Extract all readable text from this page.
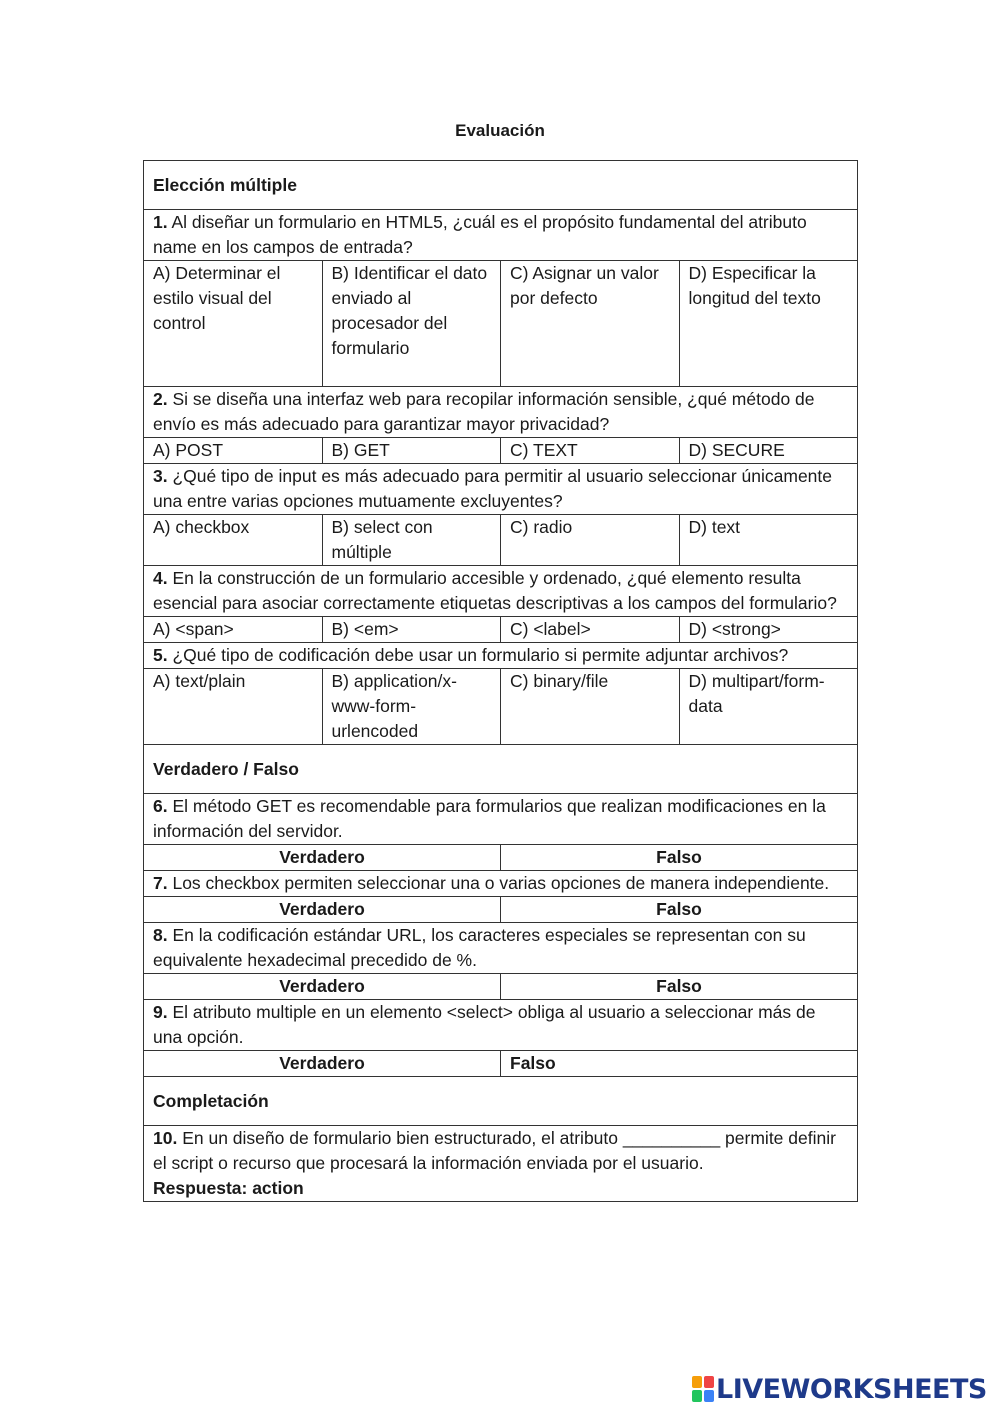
Evaluación
Elección múltiple			
1. Al diseñar un formulario en HTML5, ¿cuál es el propósito fundamental del atributo name en los campos de entrada?			
A) Determinar el estilo visual del control	B) Identificar el dato enviado al procesador del formulario	C) Asignar un valor por defecto	D) Especificar la longitud del texto
2. Si se diseña una interfaz web para recopilar información sensible, ¿qué método de envío es más adecuado para garantizar mayor privacidad?			
A) POST	B) GET	C) TEXT	D) SECURE
3. ¿Qué tipo de input es más adecuado para permitir al usuario seleccionar únicamente una entre varias opciones mutuamente excluyentes?			
A) checkbox	B) select con múltiple	C) radio	D) text
4. En la construcción de un formulario accesible y ordenado, ¿qué elemento resulta esencial para asociar correctamente etiquetas descriptivas a los campos del formulario?			
A) <span>	B) <em>	C) <label>	D) <strong>
5. ¿Qué tipo de codificación debe usar un formulario si permite adjuntar archivos?			
A) text/plain	B) application/x-www-form-urlencoded	C) binary/file	D) multipart/form-data
Verdadero / Falso			
6. El método GET es recomendable para formularios que realizan modificaciones en la información del servidor.			
Verdadero		Falso	
7. Los checkbox permiten seleccionar una o varias opciones de manera independiente.			
Verdadero		Falso	
8. En la codificación estándar URL, los caracteres especiales se representan con su equivalente hexadecimal precedido de %.			
Verdadero		Falso	
9. El atributo multiple en un elemento <select> obliga al usuario a seleccionar más de una opción.			
Verdadero		Falso	
Completación			
10. En un diseño de formulario bien estructurado, el atributo __________ permite definir el script o recurso que procesará la información enviada por el usuario.
Respuesta: action			
LIVEWORKSHEETS
